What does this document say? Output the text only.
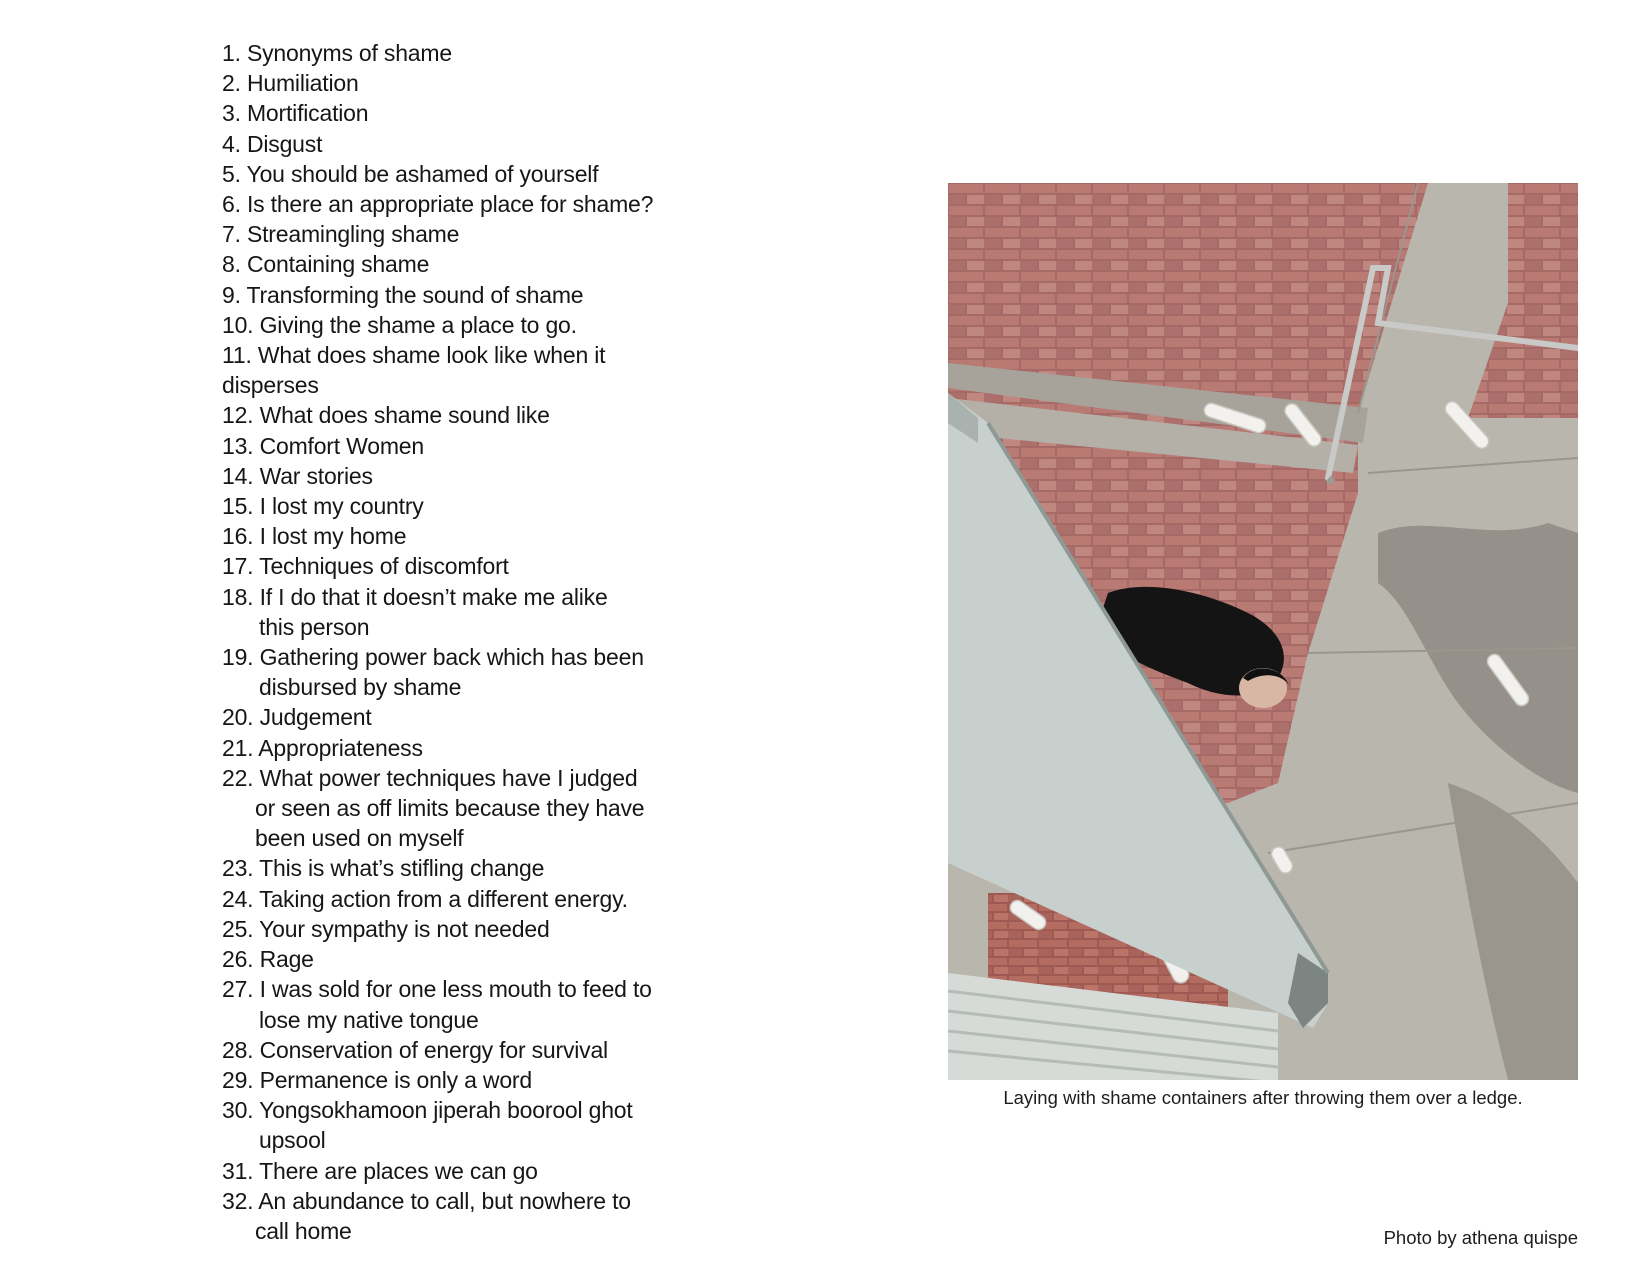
1. Synonyms of shame
2. Humiliation
3. Mortification
4. Disgust
5. You should be ashamed of yourself
6. Is there an appropriate place for shame?
7. Streamingling shame
8. Containing shame
9. Transforming the sound of shame
10. Giving the shame a place to go.
11. What does shame look like when it
disperses
12. What does shame sound like
13. Comfort Women
14. War stories
15. I lost my country
16. I lost my home
17. Techniques of discomfort
18. If I do that it doesn’t make me alike
this person
19. Gathering power back which has been
disbursed by shame
20. Judgement
21. Appropriateness
22. What power techniques have I judged
or seen as off limits because they have
been used on myself
23. This is what’s stifling change
24. Taking action from a different energy.
25. Your sympathy is not needed
26. Rage
27. I was sold for one less mouth to feed to
lose my native tongue
28. Conservation of energy for survival
29. Permanence is only a word
30. Yongsokhamoon jiperah boorool ghot
upsool
31. There are places we can go
32. An abundance to call, but nowhere to
call home
Laying with shame containers after throwing them over a ledge.
Photo by athena quispe
